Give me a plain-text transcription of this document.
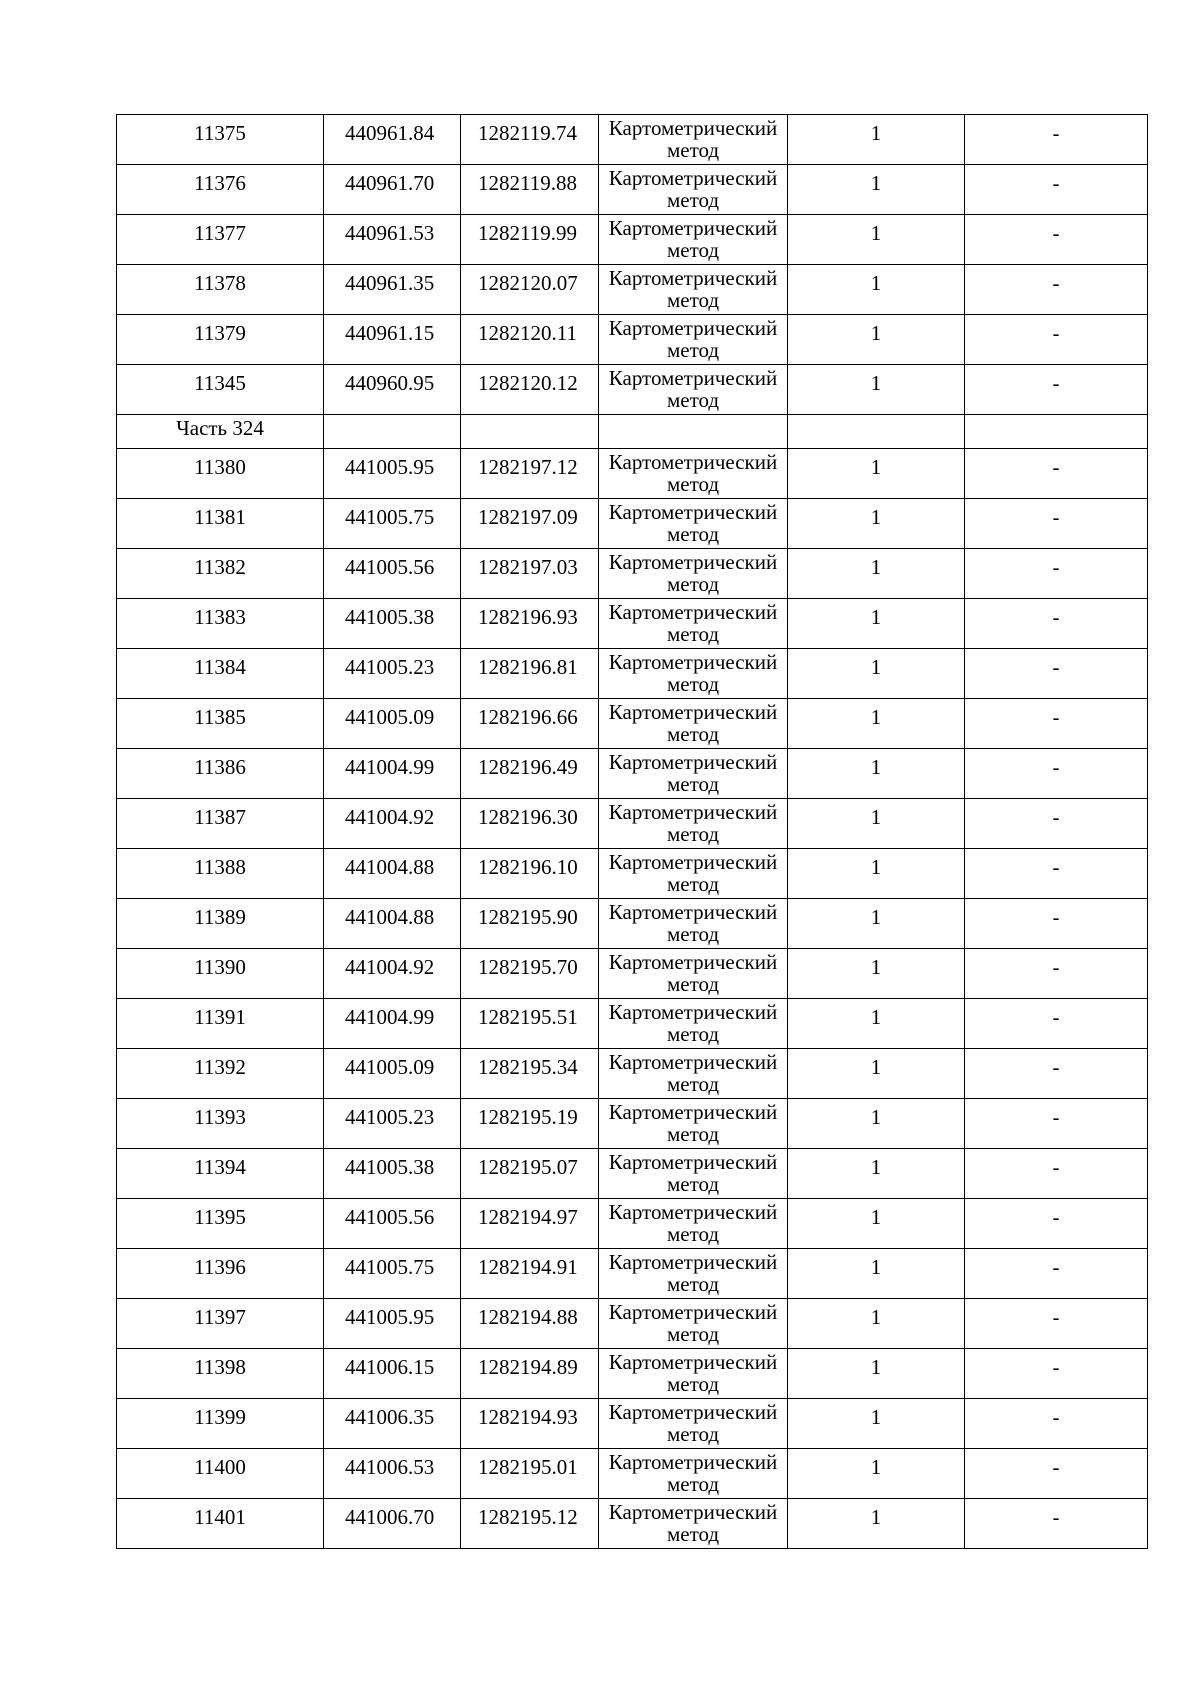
11375	440961.84	1282119.74	Картометрический метод	1	-
11376	440961.70	1282119.88	Картометрический метод	1	-
11377	440961.53	1282119.99	Картометрический метод	1	-
11378	440961.35	1282120.07	Картометрический метод	1	-
11379	440961.15	1282120.11	Картометрический метод	1	-
11345	440960.95	1282120.12	Картометрический метод	1	-
Часть 324					
11380	441005.95	1282197.12	Картометрический метод	1	-
11381	441005.75	1282197.09	Картометрический метод	1	-
11382	441005.56	1282197.03	Картометрический метод	1	-
11383	441005.38	1282196.93	Картометрический метод	1	-
11384	441005.23	1282196.81	Картометрический метод	1	-
11385	441005.09	1282196.66	Картометрический метод	1	-
11386	441004.99	1282196.49	Картометрический метод	1	-
11387	441004.92	1282196.30	Картометрический метод	1	-
11388	441004.88	1282196.10	Картометрический метод	1	-
11389	441004.88	1282195.90	Картометрический метод	1	-
11390	441004.92	1282195.70	Картометрический метод	1	-
11391	441004.99	1282195.51	Картометрический метод	1	-
11392	441005.09	1282195.34	Картометрический метод	1	-
11393	441005.23	1282195.19	Картометрический метод	1	-
11394	441005.38	1282195.07	Картометрический метод	1	-
11395	441005.56	1282194.97	Картометрический метод	1	-
11396	441005.75	1282194.91	Картометрический метод	1	-
11397	441005.95	1282194.88	Картометрический метод	1	-
11398	441006.15	1282194.89	Картометрический метод	1	-
11399	441006.35	1282194.93	Картометрический метод	1	-
11400	441006.53	1282195.01	Картометрический метод	1	-
11401	441006.70	1282195.12	Картометрический метод	1	-
